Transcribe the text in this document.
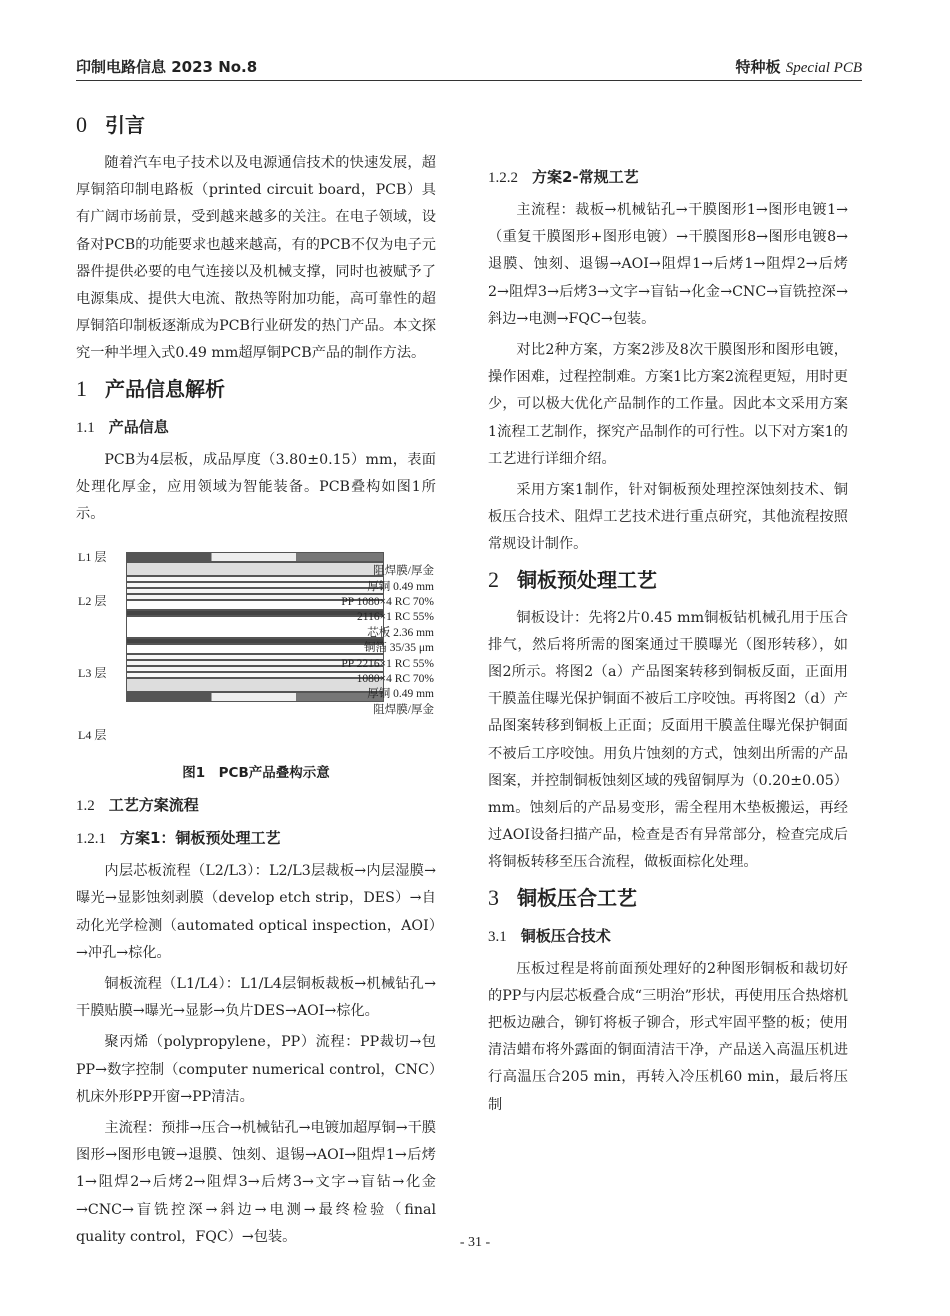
印制电路信息 2023 No.8	特种板 Special PCB
0 引言

随着汽车电子技术以及电源通信技术的快速发展，超厚铜箔印制电路板（printed circuit board，PCB）具有广阔市场前景，受到越来越多的关注。在电子领域，设备对PCB的功能要求也越来越高，有的PCB不仅为电子元器件提供必要的电气连接以及机械支撑，同时也被赋予了电源集成、提供大电流、散热等附加功能，高可靠性的超厚铜箔印制板逐渐成为PCB行业研发的热门产品。本文探究一种半埋入式0.49 mm超厚铜PCB产品的制作方法。

1 产品信息解析
1.1 产品信息

PCB为4层板，成品厚度（3.80±0.15）mm，表面处理化厚金，应用领域为智能装备。PCB叠构如图1所示。

L1 层
L2 层
L3 层
L4 层
阻焊膜/厚金
厚铜 0.49 mm
PP 1080×4 RC 70%
2116×1 RC 55%
芯板 2.36 mm
铜箔 35/35 μm
PP 2216×1 RC 55%
1080×4 RC 70%
厚铜 0.49 mm
阻焊膜/厚金
图1　PCB产品叠构示意
1.2 工艺方案流程
1.2.1 方案1：铜板预处理工艺

内层芯板流程（L2/L3）：L2/L3层裁板→内层湿膜→曝光→显影蚀刻剥膜（develop etch strip，DES）→自动化光学检测（automated optical inspection，AOI）→冲孔→棕化。

铜板流程（L1/L4）：L1/L4层铜板裁板→机械钻孔→干膜贴膜→曝光→显影→负片DES→AOI→棕化。

聚丙烯（polypropylene，PP）流程：PP裁切→包PP→数字控制（computer numerical control，CNC）机床外形PP开窗→PP清洁。

主流程：预排→压合→机械钻孔→电镀加超厚铜→干膜图形→图形电镀→退膜、蚀刻、退锡→AOI→阻焊1→后烤1→阻焊2→后烤2→阻焊3→后烤3→文字→盲钻→化金→CNC→盲铣控深→斜边→电测→最终检验（final quality control，FQC）→包装。

1.2.2 方案2-常规工艺

主流程：裁板→机械钻孔→干膜图形1→图形电镀1→（重复干膜图形+图形电镀）→干膜图形8→图形电镀8→退膜、蚀刻、退锡→AOI→阻焊1→后烤1→阻焊2→后烤2→阻焊3→后烤3→文字→盲钻→化金→CNC→盲铣控深→斜边→电测→FQC→包装。

对比2种方案，方案2涉及8次干膜图形和图形电镀，操作困难，过程控制难。方案1比方案2流程更短，用时更少，可以极大优化产品制作的工作量。因此本文采用方案1流程工艺制作，探究产品制作的可行性。以下对方案1的工艺进行详细介绍。

采用方案1制作，针对铜板预处理控深蚀刻技术、铜板压合技术、阻焊工艺技术进行重点研究，其他流程按照常规设计制作。

2 铜板预处理工艺

铜板设计：先将2片0.45 mm铜板钻机械孔用于压合排气，然后将所需的图案通过干膜曝光（图形转移），如图2所示。将图2（a）产品图案转移到铜板反面，正面用干膜盖住曝光保护铜面不被后工序咬蚀。再将图2（d）产品图案转移到铜板上正面；反面用干膜盖住曝光保护铜面不被后工序咬蚀。用负片蚀刻的方式，蚀刻出所需的产品图案，并控制铜板蚀刻区域的残留铜厚为（0.20±0.05）mm。蚀刻后的产品易变形，需全程用木垫板搬运，再经过AOI设备扫描产品，检查是否有异常部分，检查完成后将铜板转移至压合流程，做板面棕化处理。

3 铜板压合工艺
3.1 铜板压合技术

压板过程是将前面预处理好的2种图形铜板和裁切好的PP与内层芯板叠合成“三明治”形状，再使用压合热熔机把板边融合，铆钉将板子铆合，形式牢固平整的板；使用清洁蜡布将外露面的铜面清洁干净，产品送入高温压机进行高温压合205 min，再转入冷压机60 min，最后将压制

- 31 -
